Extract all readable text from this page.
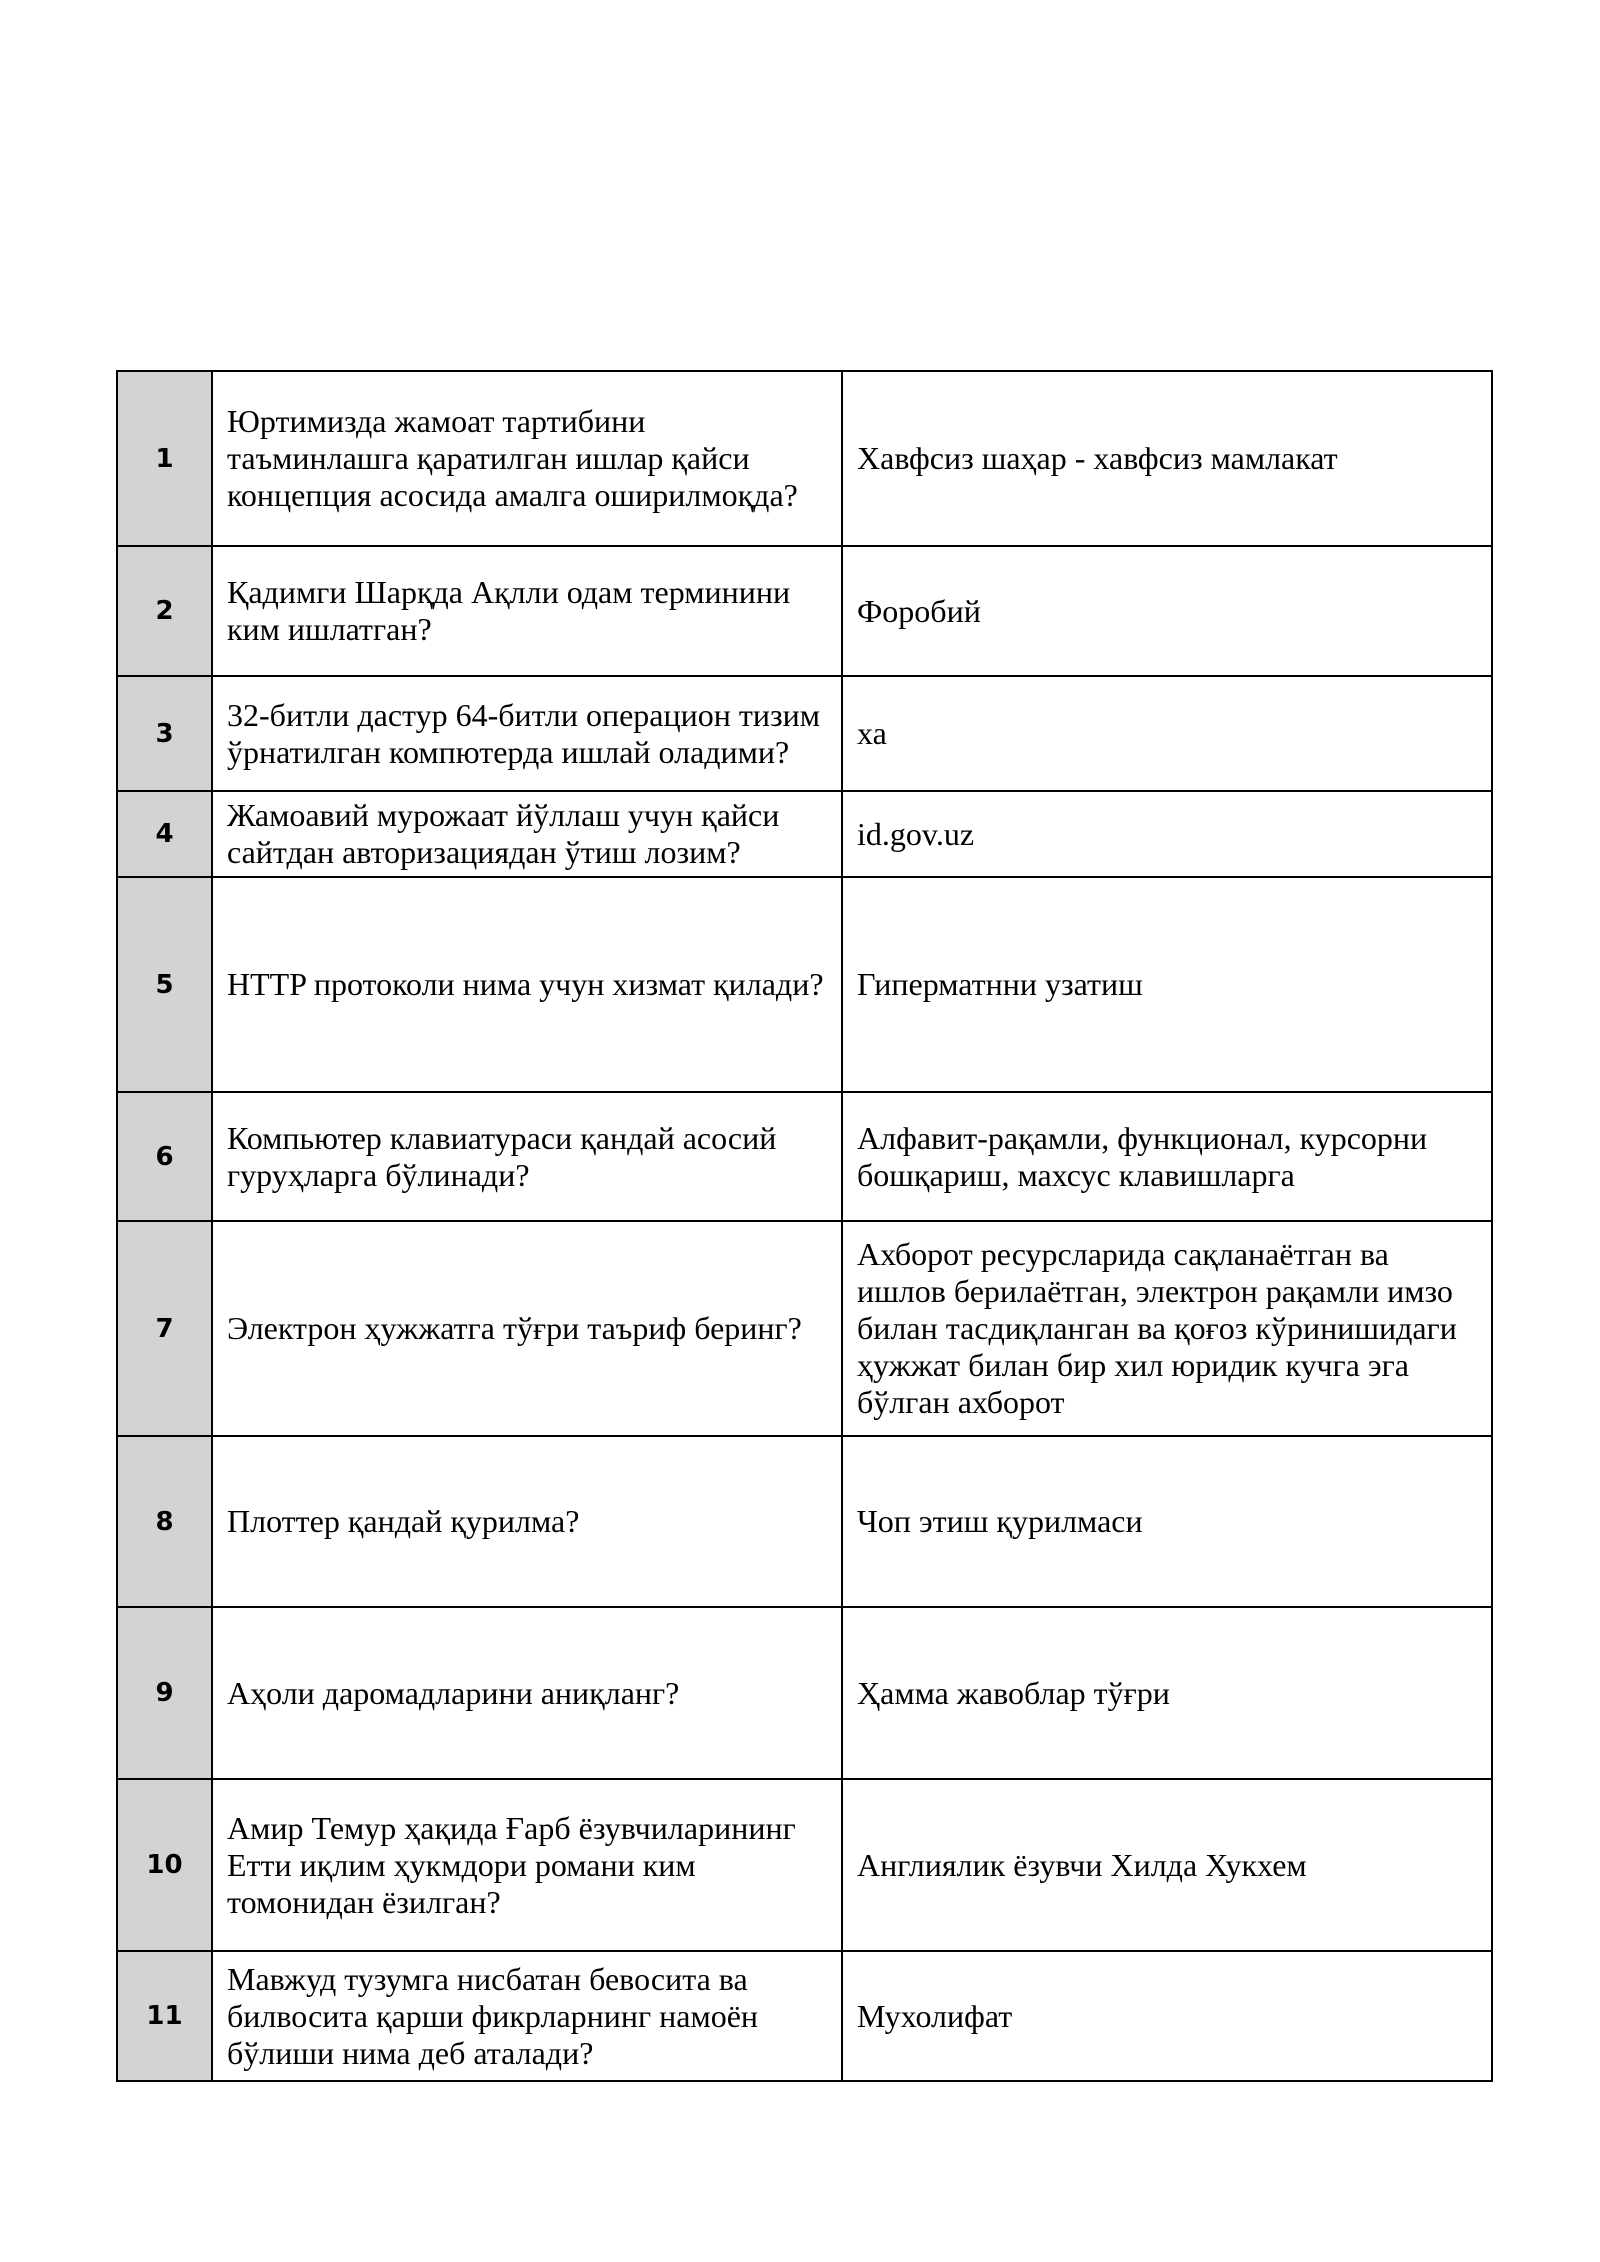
1	Юртимизда жамоат тартибини таъминлашга қаратилган ишлар қайси концепция асосида амалга оширилмоқда?	Хавфсиз шаҳар - хавфсиз мамлакат
2	Қадимги Шарқда Ақлли одам терминини ким ишлатган?	Форобий
3	32-битли дастур 64-битли операцион тизим ўрнатилган компютерда ишлай оладими?	ха
4	Жамоавий мурожаат йўллаш учун қайси сайтдан авторизациядан ўтиш лозим?	id.gov.uz
5	HTTP протоколи нима учун хизмат қилади?	Гиперматнни узатиш
6	Компьютер клавиатураси қандай асосий гуруҳларга бўлинади?	Алфавит-рақамли, функционал, курсорни бошқариш, махсус клавишларга
7	Электрон ҳужжатга тўғри таъриф беринг?	Ахборот ресурсларида сақланаётган ва ишлов берилаётган, электрон рақамли имзо билан тасдиқланган ва қоғоз кўринишидаги ҳужжат билан бир хил юридик кучга эга бўлган ахборот
8	Плоттер қандай қурилма?	Чоп этиш қурилмаси
9	Аҳоли даромадларини аниқланг?	Ҳамма жавоблар тўғри
10	Амир Темур ҳақида Ғарб ёзувчиларининг Етти иқлим ҳукмдори романи ким томонидан ёзилган?	Англиялик ёзувчи Хилда Хукхем
11	Мавжуд тузумга нисбатан бевосита ва билвосита қарши фикрларнинг намоён бўлиши нима деб аталади?	Мухолифат
